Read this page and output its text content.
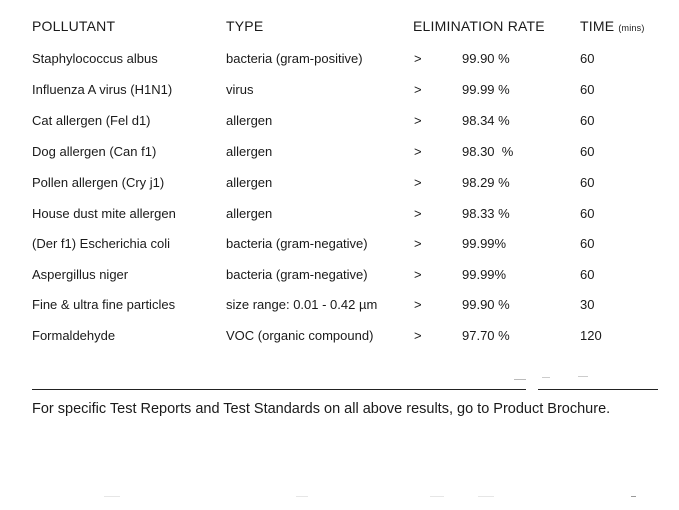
POLLUTANT	TYPE	ELIMINATION RATE	TIME (mins)
Staphylococcus albus	bacteria (gram-positive)	>	99.90 %	60
Influenza A virus (H1N1)	virus	>	99.99 %	60
Cat allergen (Fel d1)	allergen	>	98.34 %	60
Dog allergen (Can f1)	allergen	>	98.30  %	60
Pollen allergen (Cry j1)	allergen	>	98.29 %	60
House dust mite allergen	allergen	>	98.33 %	60
(Der f1) Escherichia coli	bacteria (gram-negative)	>	99.99%	60
Aspergillus niger	bacteria (gram-negative)	>	99.99%	60
Fine & ultra fine particles	size range: 0.01 - 0.42 µm	>	99.90 %	30
Formaldehyde	VOC (organic compound)	>	97.70 %	120
For specific Test Reports and Test Standards on all above results, go to Product Brochure.
